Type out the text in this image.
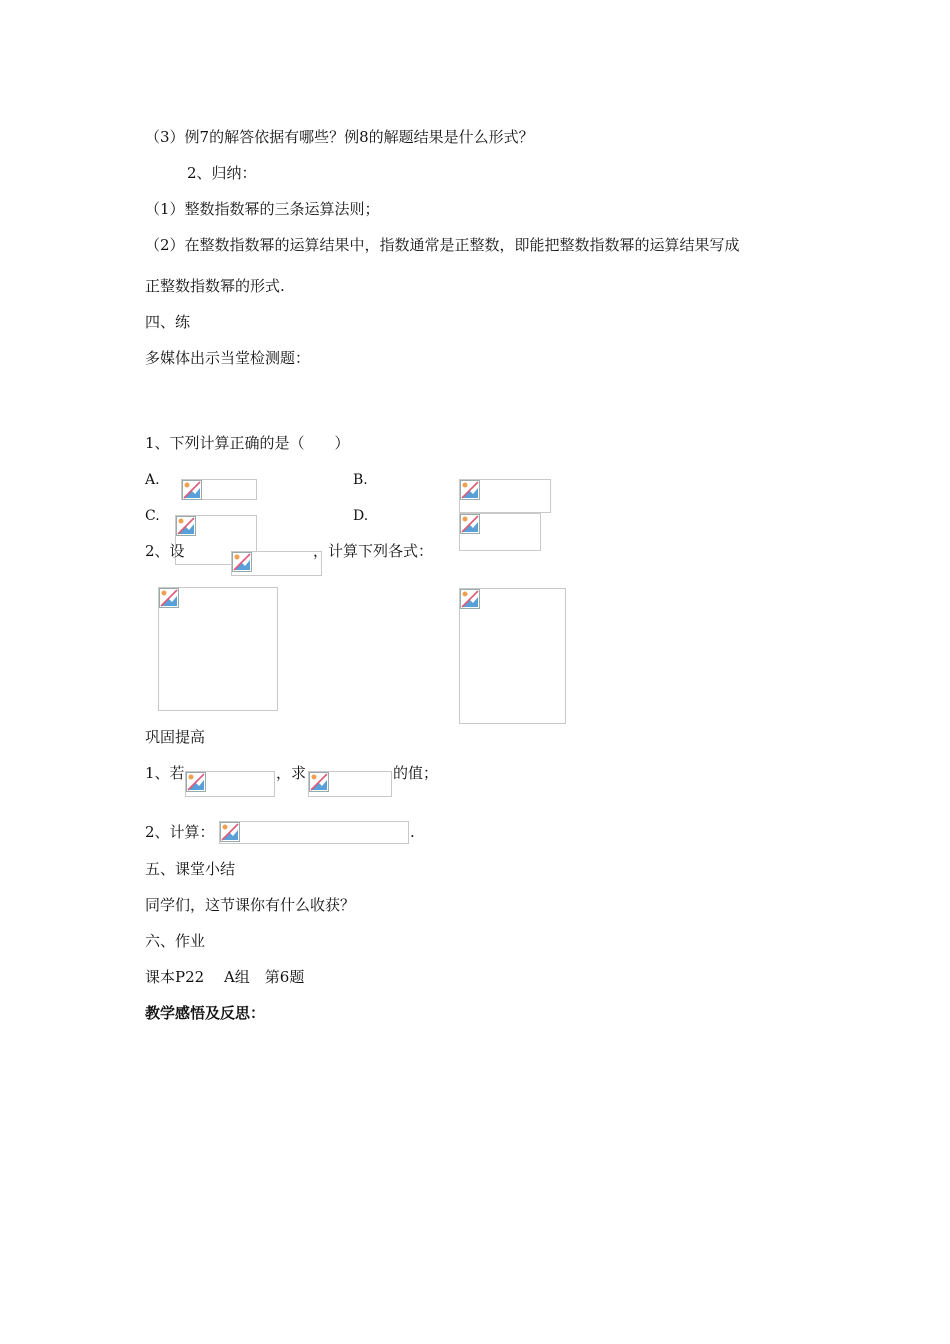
（3）例7的解答依据有哪些？例8的解题结果是什么形式？
2、归纳：
（1）整数指数幂的三条运算法则；
（2）在整数指数幂的运算结果中，指数通常是正整数，即能把整数指数幂的运算结果写成
正整数指数幂的形式.
四、练
多媒体出示当堂检测题：
1、下列计算正确的是（　　）
A.	B.
C.	D.
2、设	，计算下列各式：
巩固提高
1、若	，求	的值；
2、计算：	.
五、课堂小结
同学们，这节课你有什么收获？
六、作业
课本P22　 A组　第6题
教学感悟及反思：
